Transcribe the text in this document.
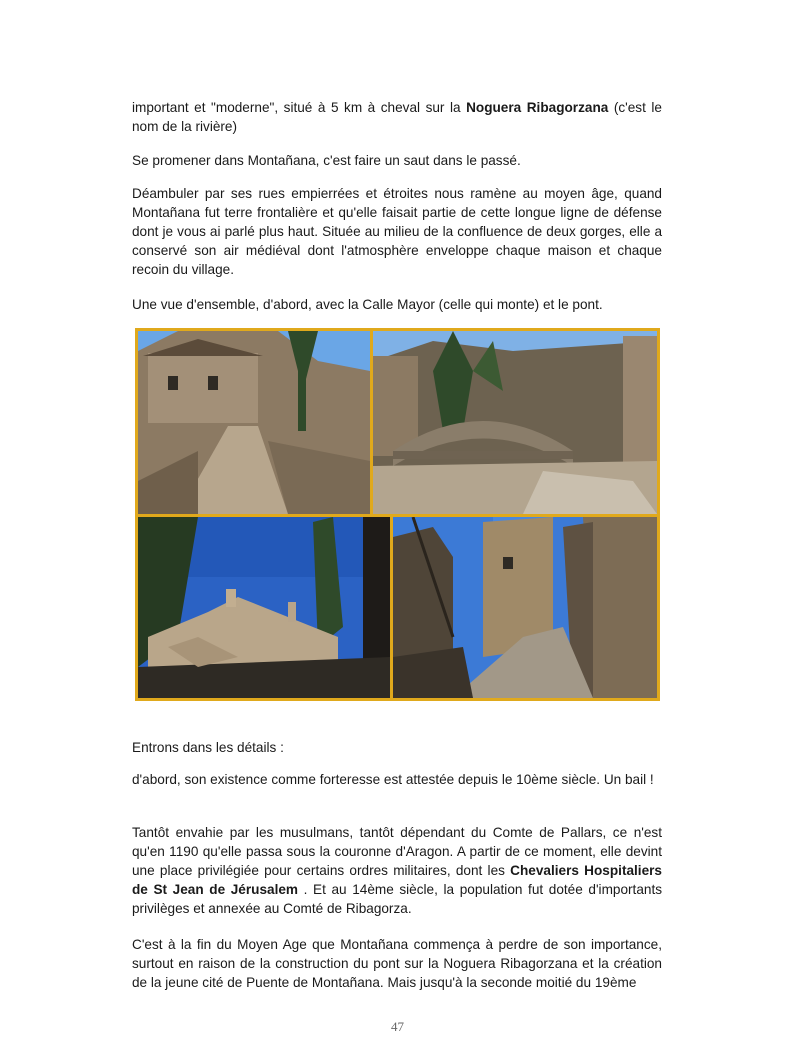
important et "moderne", situé à 5 km à cheval sur la Noguera Ribagorzana (c'est le nom de la rivière)

Se promener dans Montañana, c'est faire un saut dans le passé.

Déambuler par ses rues empierrées et étroites nous ramène au moyen âge, quand Montañana fut terre frontalière et qu'elle faisait partie de cette longue ligne de défense dont je vous ai parlé plus haut. Située au milieu de la confluence de deux gorges, elle a conservé son air médiéval dont l'atmosphère enveloppe chaque maison et chaque recoin du village.

Une vue d'ensemble, d'abord, avec la Calle Mayor (celle qui monte) et le pont.

Entrons dans les détails :

d'abord, son existence comme forteresse est attestée depuis le 10ème siècle. Un bail !

Tantôt envahie par les musulmans, tantôt dépendant du Comte de Pallars, ce n'est qu'en 1190 qu'elle passa sous la couronne d'Aragon. A partir de ce moment, elle devint une place privilégiée pour certains ordres militaires, dont les Chevaliers Hospitaliers de St Jean de Jérusalem . Et au 14ème siècle, la population fut dotée d'importants privilèges et annexée au Comté de Ribagorza.

C'est à la fin du Moyen Age que Montañana commença à perdre de son importance, surtout en raison de la construction du pont sur la Noguera Ribagorzana et la création de la jeune cité de Puente de Montañana. Mais jusqu'à la seconde moitié du 19ème

47
